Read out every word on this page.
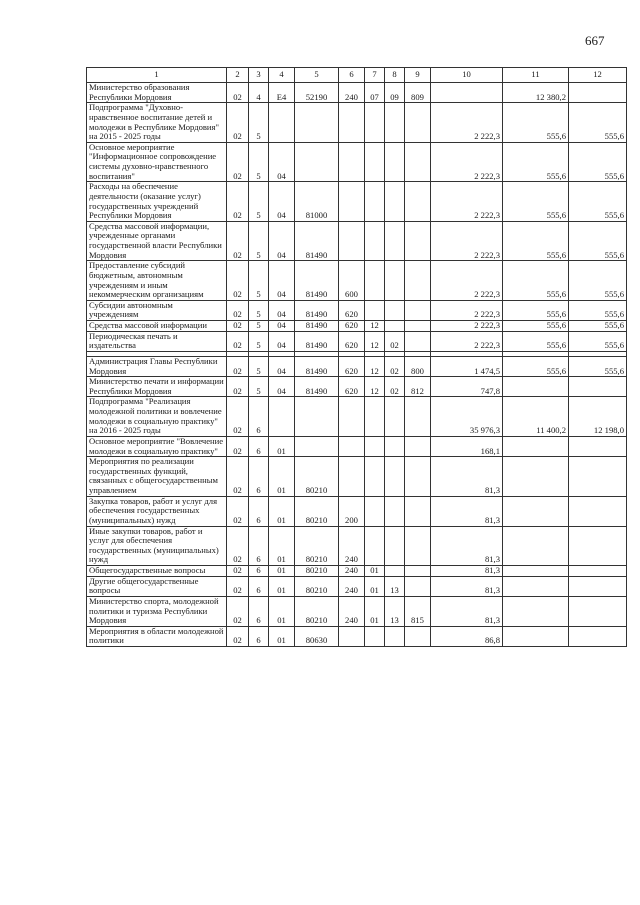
667
1	2	3	4	5	6	7	8	9	10	11	12
Министерство образования Республики Мордовия	02	4	Е4	52190	240	07	09	809		12 380,2	
Подпрограмма "Духовно-нравственное воспитание детей и молодежи в Республике Мордовия" на 2015 - 2025 годы	02	5							2 222,3	555,6	555,6
Основное мероприятие "Информационное сопровождение системы духовно-нравственного воспитания"	02	5	04						2 222,3	555,6	555,6
Расходы на обеспечение деятельности (оказание услуг) государственных учреждений Республики Мордовия	02	5	04	81000					2 222,3	555,6	555,6
Средства массовой информации, учрежденные органами государственной власти Республики Мордовия	02	5	04	81490					2 222,3	555,6	555,6
Предоставление субсидий бюджетным, автономным учреждениям и иным некоммерческим организациям	02	5	04	81490	600				2 222,3	555,6	555,6
Субсидии автономным учреждениям	02	5	04	81490	620				2 222,3	555,6	555,6
Средства массовой информации	02	5	04	81490	620	12			2 222,3	555,6	555,6
Периодическая печать и издательства	02	5	04	81490	620	12	02		2 222,3	555,6	555,6

Администрация Главы Республики Мордовия	02	5	04	81490	620	12	02	800	1 474,5	555,6	555,6
Министерство печати и информации Республики Мордовия	02	5	04	81490	620	12	02	812	747,8		
Подпрограмма "Реализация молодежной политики и вовлечение молодежи в социальную практику" на 2016 - 2025 годы	02	6							35 976,3	11 400,2	12 198,0
Основное мероприятие "Вовлечение молодежи в социальную практику"	02	6	01						168,1		
Мероприятия по реализации государственных функций, связанных с общегосударственным управлением	02	6	01	80210					81,3		
Закупка товаров, работ и услуг для обеспечения государственных (муниципальных) нужд	02	6	01	80210	200				81,3		
Иные закупки товаров, работ и услуг для обеспечения государственных (муниципальных) нужд	02	6	01	80210	240				81,3		
Общегосударственные вопросы	02	6	01	80210	240	01			81,3		
Другие общегосударственные вопросы	02	6	01	80210	240	01	13		81,3		
Министерство спорта, молодежной политики и туризма Республики Мордовия	02	6	01	80210	240	01	13	815	81,3		
Мероприятия в области молодежной политики	02	6	01	80630					86,8		
